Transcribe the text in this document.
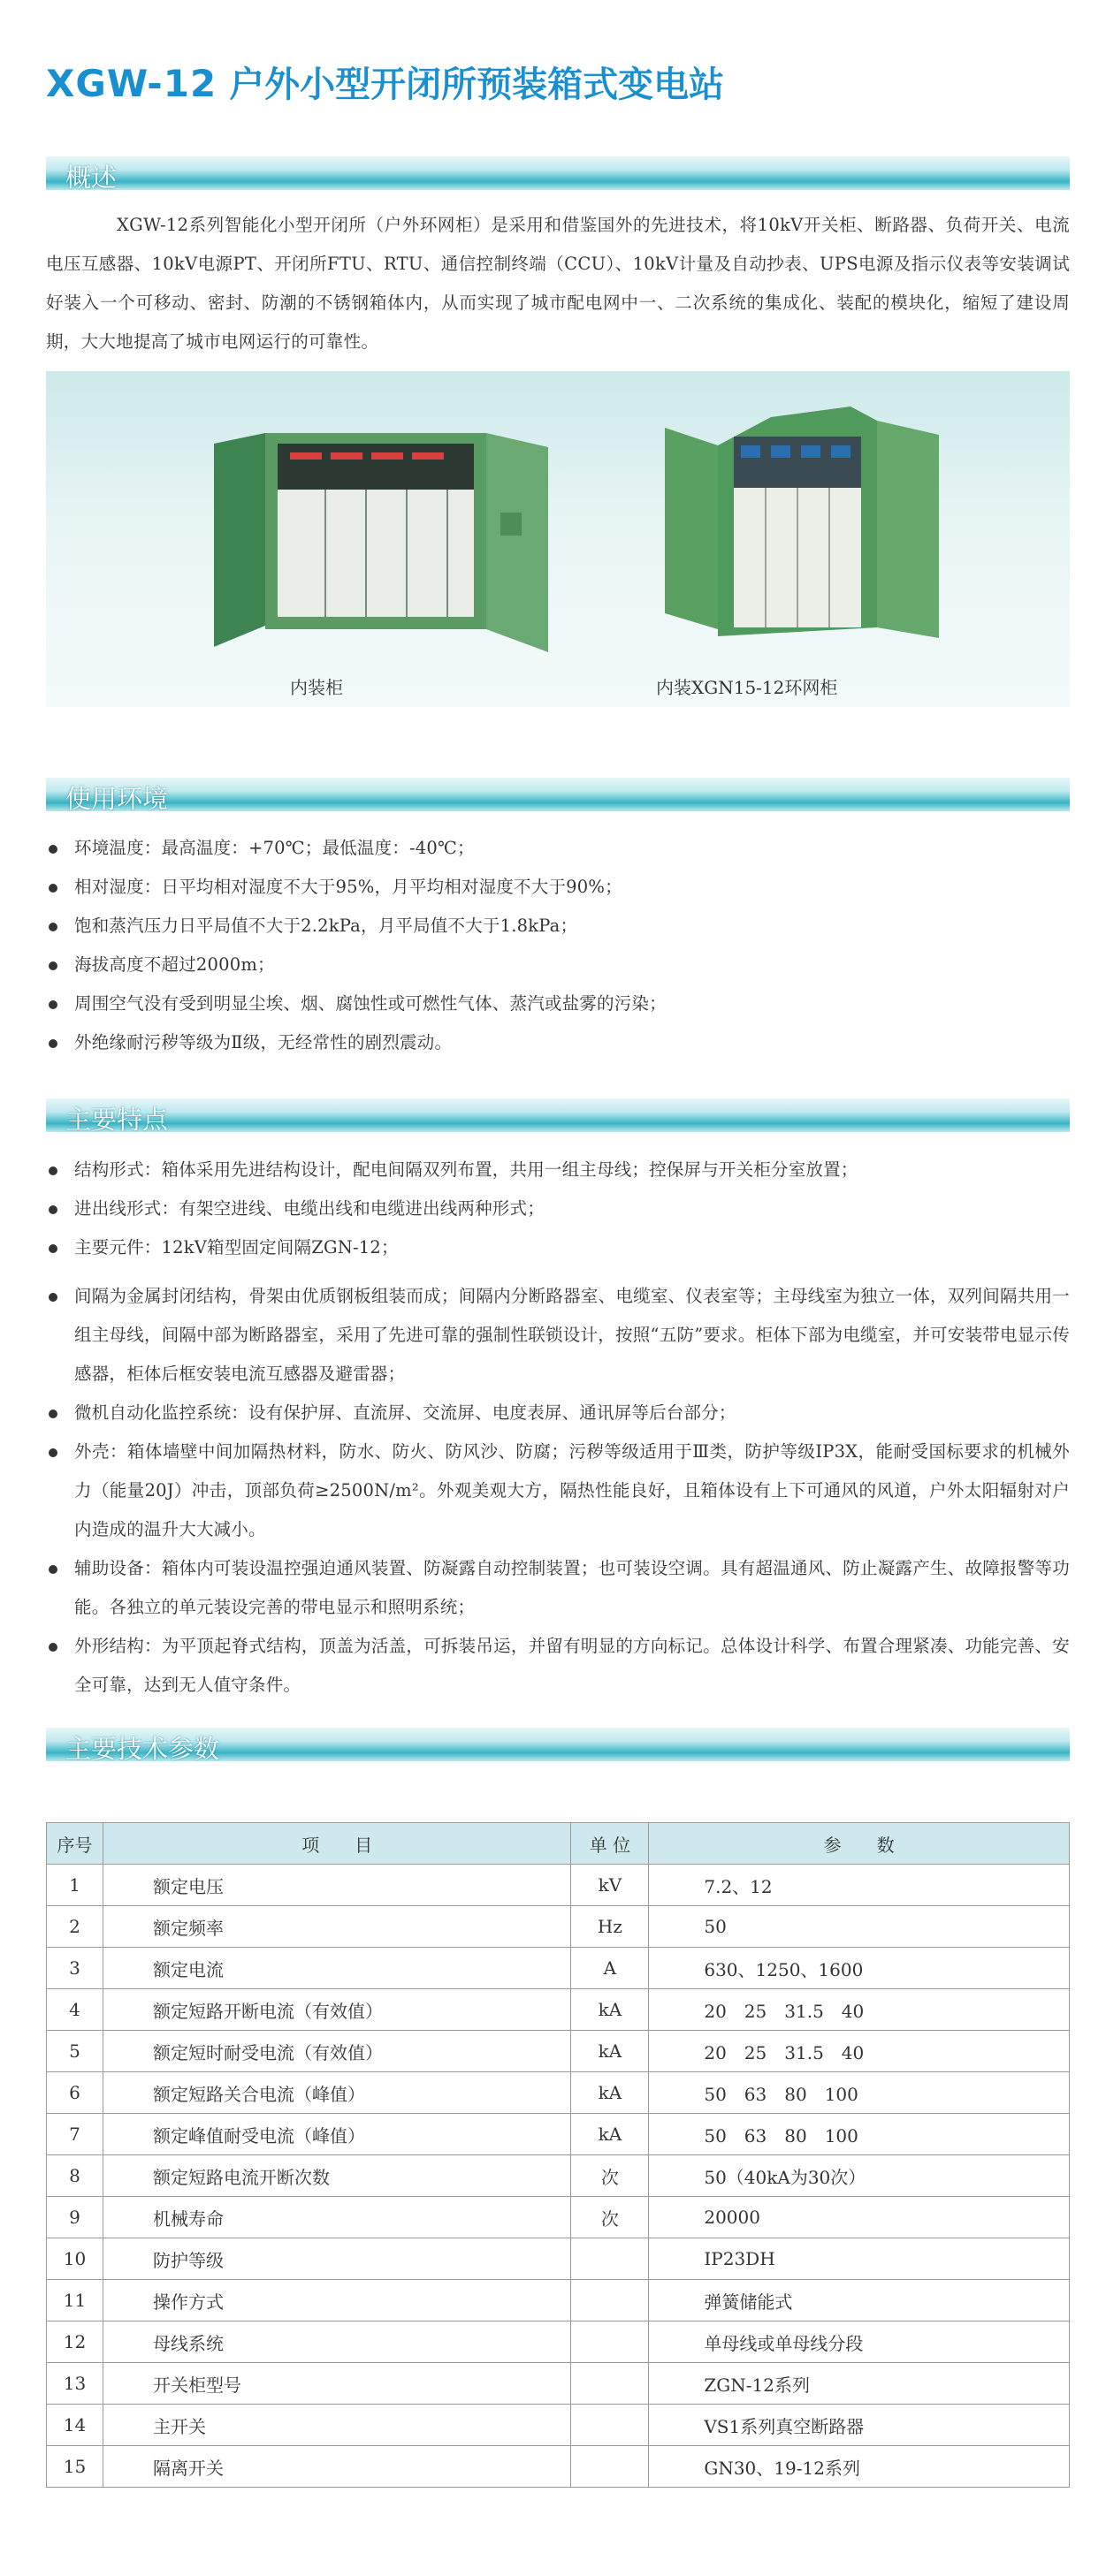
XGW-12 户外小型开闭所预装箱式变电站
概述
XGW-12系列智能化小型开闭所（户外环网柜）是采用和借鉴国外的先进技术，将10kV开关柜、断路器、负荷开关、电流电压互感器、10kV电源PT、开闭所FTU、RTU、通信控制终端（CCU）、10kV计量及自动抄表、UPS电源及指示仪表等安装调试好装入一个可移动、密封、防潮的不锈钢箱体内，从而实现了城市配电网中一、二次系统的集成化、装配的模块化，缩短了建设周期，大大地提高了城市电网运行的可靠性。
内装柜	内装XGN15-12环网柜
使用环境
环境温度：最高温度：+70℃；最低温度：-40℃；
相对湿度：日平均相对湿度不大于95%，月平均相对湿度不大于90%；
饱和蒸汽压力日平局值不大于2.2kPa，月平局值不大于1.8kPa；
海拔高度不超过2000m；
周围空气没有受到明显尘埃、烟、腐蚀性或可燃性气体、蒸汽或盐雾的污染；
外绝缘耐污秽等级为Ⅱ级，无经常性的剧烈震动。
主要特点
结构形式：箱体采用先进结构设计，配电间隔双列布置，共用一组主母线；控保屏与开关柜分室放置；
进出线形式：有架空进线、电缆出线和电缆进出线两种形式；
主要元件：12kV箱型固定间隔ZGN-12；
间隔为金属封闭结构，骨架由优质钢板组装而成；间隔内分断路器室、电缆室、仪表室等；主母线室为独立一体，双列间隔共用一组主母线，间隔中部为断路器室，采用了先进可靠的强制性联锁设计，按照“五防”要求。柜体下部为电缆室，并可安装带电显示传感器，柜体后框安装电流互感器及避雷器；
微机自动化监控系统：设有保护屏、直流屏、交流屏、电度表屏、通讯屏等后台部分；
外壳：箱体墙壁中间加隔热材料，防水、防火、防风沙、防腐；污秽等级适用于Ⅲ类，防护等级IP3X，能耐受国标要求的机械外力（能量20J）冲击，顶部负荷≥2500N/m²。外观美观大方，隔热性能良好，且箱体设有上下可通风的风道，户外太阳辐射对户内造成的温升大大减小。
辅助设备：箱体内可装设温控强迫通风装置、防凝露自动控制装置；也可装设空调。具有超温通风、防止凝露产生、故障报警等功能。各独立的单元装设完善的带电显示和照明系统；
外形结构：为平顶起脊式结构，顶盖为活盖，可拆装吊运，并留有明显的方向标记。总体设计科学、布置合理紧凑、功能完善、安全可靠，达到无人值守条件。
主要技术参数
序号	项　　目	单 位	参　　数
1	额定电压	kV	7.2、12
2	额定频率	Hz	50
3	额定电流	A	630、1250、1600
4	额定短路开断电流（有效值）	kA	20　25　31.5　40
5	额定短时耐受电流（有效值）	kA	20　25　31.5　40
6	额定短路关合电流（峰值）	kA	50　63　80　100
7	额定峰值耐受电流（峰值）	kA	50　63　80　100
8	额定短路电流开断次数	次	50（40kA为30次）
9	机械寿命	次	20000
10	防护等级		IP23DH
11	操作方式		弹簧储能式
12	母线系统		单母线或单母线分段
13	开关柜型号		ZGN-12系列
14	主开关		VS1系列真空断路器
15	隔离开关		GN30、19-12系列
